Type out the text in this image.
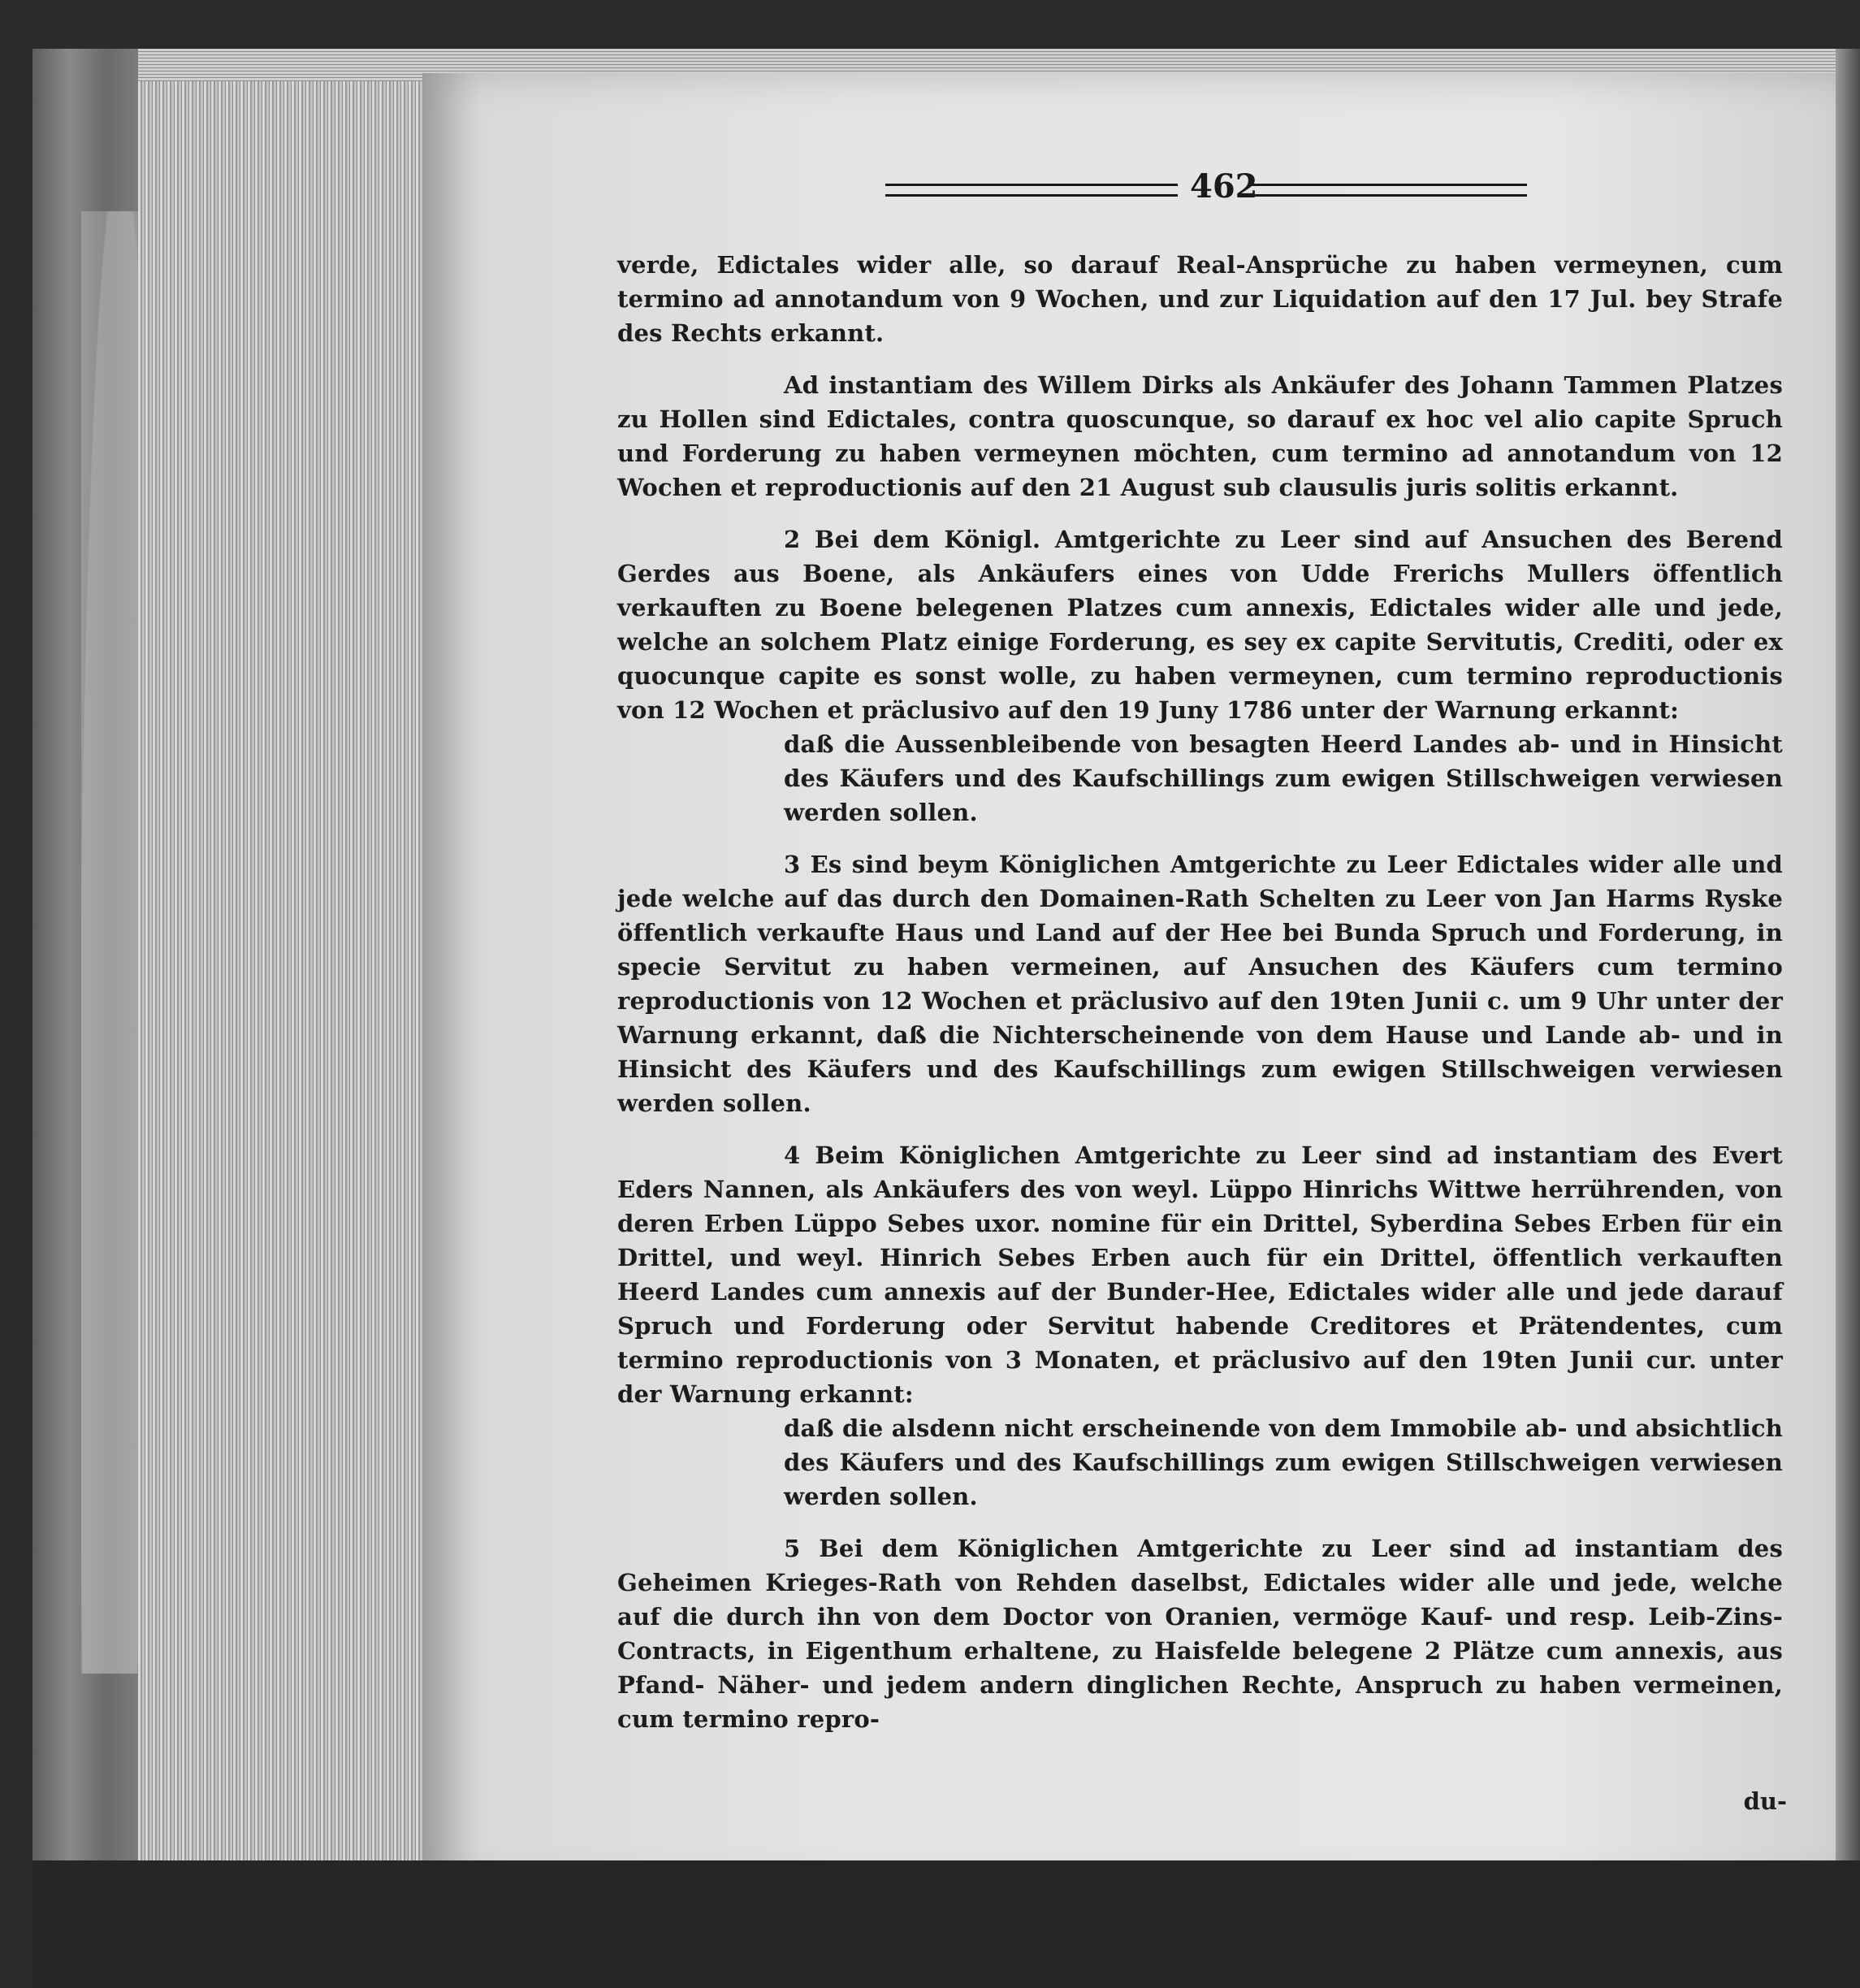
462

verde, Edictales wider alle, so darauf Real-Ansprüche zu haben vermeynen, cum termino ad annotandum von 9 Wochen, und zur Liquidation auf den 17 Jul. bey Strafe des Rechts erkannt.

Ad instantiam des Willem Dirks als Ankäufer des Johann Tammen Platzes zu Hollen sind Edictales, contra quoscunque, so darauf ex hoc vel alio capite Spruch und Forderung zu haben vermeynen möchten, cum termino ad annotandum von 12 Wochen et reproductionis auf den 21 August sub clausulis juris solitis erkannt.

2 Bei dem Königl. Amtgerichte zu Leer sind auf Ansuchen des Berend Gerdes aus Boene, als Ankäufers eines von Udde Frerichs Mullers öffentlich verkauften zu Boene belegenen Platzes cum annexis, Edictales wider alle und jede, welche an solchem Platz einige Forderung, es sey ex capite Servitutis, Crediti, oder ex quocunque capite es sonst wolle, zu haben vermeynen, cum termino reproductionis von 12 Wochen et präclusivo auf den 19 Juny 1786 unter der Warnung erkannt:

daß die Aussenbleibende von besagten Heerd Landes ab- und in Hinsicht des Käufers und des Kaufschillings zum ewigen Stillschweigen verwiesen werden sollen.

3 Es sind beym Königlichen Amtgerichte zu Leer Edictales wider alle und jede welche auf das durch den Domainen-Rath Schelten zu Leer von Jan Harms Ryske öffentlich verkaufte Haus und Land auf der Hee bei Bunda Spruch und Forderung, in specie Servitut zu haben vermeinen, auf Ansuchen des Käufers cum termino reproductionis von 12 Wochen et präclusivo auf den 19ten Junii c. um 9 Uhr unter der Warnung erkannt, daß die Nichterscheinende von dem Hause und Lande ab- und in Hinsicht des Käufers und des Kaufschillings zum ewigen Stillschweigen verwiesen werden sollen.

4 Beim Königlichen Amtgerichte zu Leer sind ad instantiam des Evert Eders Nannen, als Ankäufers des von weyl. Lüppo Hinrichs Wittwe herrührenden, von deren Erben Lüppo Sebes uxor. nomine für ein Drittel, Syberdina Sebes Erben für ein Drittel, und weyl. Hinrich Sebes Erben auch für ein Drittel, öffentlich verkauften Heerd Landes cum annexis auf der Bunder-Hee, Edictales wider alle und jede darauf Spruch und Forderung oder Servitut habende Creditores et Prätendentes, cum termino reproductionis von 3 Monaten, et präclusivo auf den 19ten Junii cur. unter der Warnung erkannt:

daß die alsdenn nicht erscheinende von dem Immobile ab- und absichtlich des Käufers und des Kaufschillings zum ewigen Stillschweigen verwiesen werden sollen.

5 Bei dem Königlichen Amtgerichte zu Leer sind ad instantiam des Geheimen Krieges-Rath von Rehden daselbst, Edictales wider alle und jede, welche auf die durch ihn von dem Doctor von Oranien, vermöge Kauf- und resp. Leib-Zins-Contracts, in Eigenthum erhaltene, zu Haisfelde belegene 2 Plätze cum annexis, aus Pfand- Näher- und jedem andern dinglichen Rechte, Anspruch zu haben vermeinen, cum termino repro-

du-
